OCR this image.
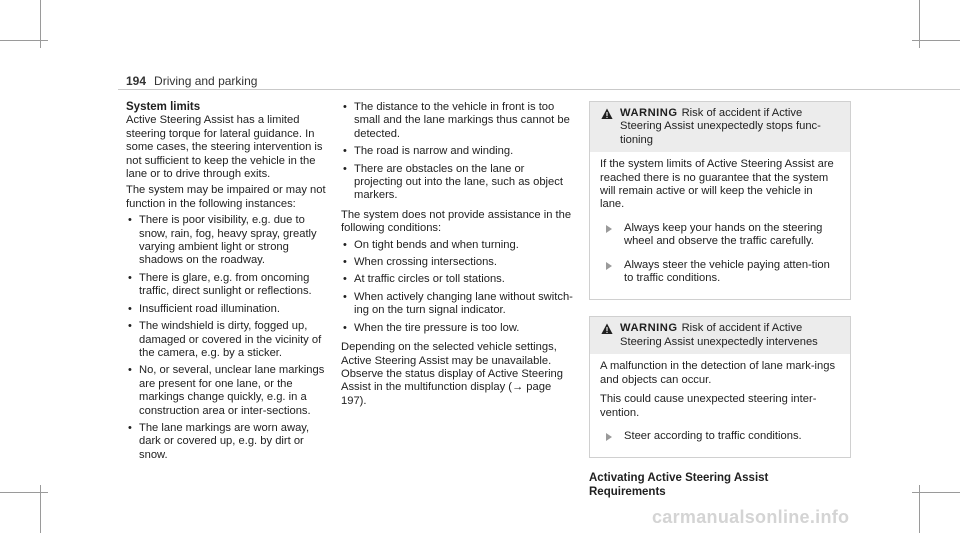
194 Driving and parking
System limits

Active Steering Assist has a limited steering torque for lateral guidance. In some cases, the steering intervention is not sufficient to keep the vehicle in the lane or to drive through exits.

The system may be impaired or may not function in the following instances:

• There is poor visibility, e.g. due to snow, rain, fog, heavy spray, greatly varying ambient light or strong shadows on the roadway.
• There is glare, e.g. from oncoming traffic, direct sunlight or reflections.
• Insufficient road illumination.
• The windshield is dirty, fogged up, damaged or covered in the vicinity of the camera, e.g. by a sticker.
• No, or several, unclear lane markings are present for one lane, or the markings change quickly, e.g. in a construction area or inter-sections.
• The lane markings are worn away, dark or covered up, e.g. by dirt or snow.
• The distance to the vehicle in front is too small and the lane markings thus cannot be detected.
• The road is narrow and winding.
• There are obstacles on the lane or projecting out into the lane, such as object markers.

The system does not provide assistance in the following conditions:

• On tight bends and when turning.
• When crossing intersections.
• At traffic circles or toll stations.
• When actively changing lane without switch-ing on the turn signal indicator.
• When the tire pressure is too low.

Depending on the selected vehicle settings, Active Steering Assist may be unavailable. Observe the status display of Active Steering Assist in the multifunction display (→ page 197).

WARNING Risk of accident if Active Steering Assist unexpectedly stops func-tioning

If the system limits of Active Steering Assist are reached there is no guarantee that the system will remain active or will keep the vehicle in lane.

Always keep your hands on the steering wheel and observe the traffic carefully.
Always steer the vehicle paying atten-tion to traffic conditions.
WARNING Risk of accident if Active Steering Assist unexpectedly intervenes

A malfunction in the detection of lane mark-ings and objects can occur.

This could cause unexpected steering inter-vention.

Steer according to traffic conditions.
Activating Active Steering Assist
Requirements
carmanualsonline.info
